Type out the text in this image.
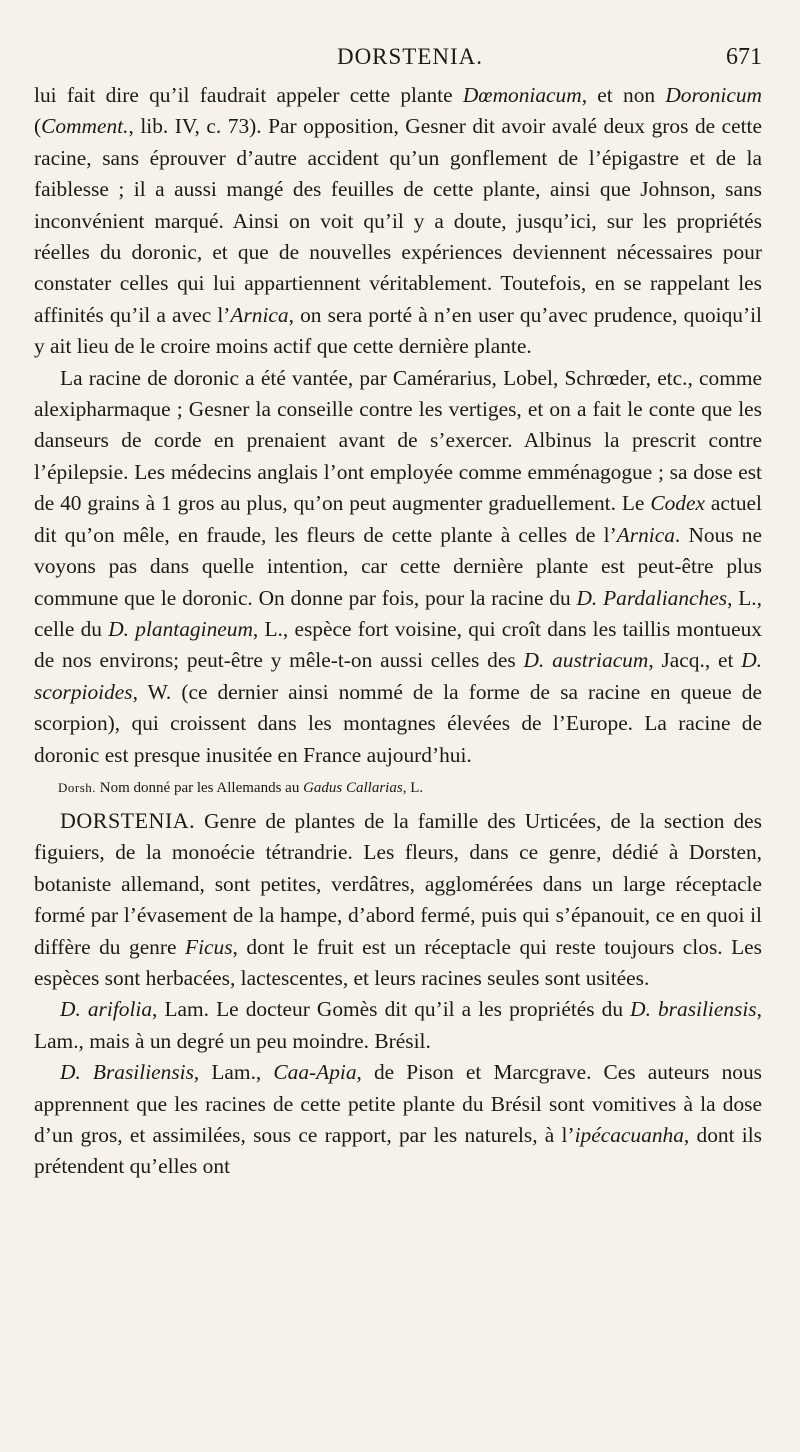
DORSTENIA.	671

lui fait dire qu’il faudrait appeler cette plante Dœmoniacum, et non Doronicum (Comment., lib. IV, c. 73). Par opposition, Gesner dit avoir avalé deux gros de cette racine, sans éprouver d’autre accident qu’un gonflement de l’épigastre et de la faiblesse ; il a aussi mangé des feuilles de cette plante, ainsi que Johnson, sans inconvénient marqué. Ainsi on voit qu’il y a doute, jusqu’ici, sur les propriétés réelles du doronic, et que de nouvelles expériences deviennent nécessaires pour constater celles qui lui appartiennent véritablement. Toutefois, en se rappelant les affinités qu’il a avec l’Arnica, on sera porté à n’en user qu’avec prudence, quoiqu’il y ait lieu de le croire moins actif que cette dernière plante.

La racine de doronic a été vantée, par Camérarius, Lobel, Schrœder, etc., comme alexipharmaque ; Gesner la conseille contre les vertiges, et on a fait le conte que les danseurs de corde en prenaient avant de s’exercer. Albinus la prescrit contre l’épilepsie. Les médecins anglais l’ont employée comme emménagogue ; sa dose est de 40 grains à 1 gros au plus, qu’on peut augmenter graduellement. Le Codex actuel dit qu’on mêle, en fraude, les fleurs de cette plante à celles de l’Arnica. Nous ne voyons pas dans quelle intention, car cette dernière plante est peut-être plus commune que le doronic. On donne par fois, pour la racine du D. Pardalianches, L., celle du D. plantagineum, L., espèce fort voisine, qui croît dans les taillis montueux de nos environs; peut-être y mêle-t-on aussi celles des D. austriacum, Jacq., et D. scorpioides, W. (ce dernier ainsi nommé de la forme de sa racine en queue de scorpion), qui croissent dans les montagnes élevées de l’Europe. La racine de doronic est presque inusitée en France aujourd’hui.

Dorsh. Nom donné par les Allemands au Gadus Callarias, L.

DORSTENIA. Genre de plantes de la famille des Urticées, de la section des figuiers, de la monoécie tétrandrie. Les fleurs, dans ce genre, dédié à Dorsten, botaniste allemand, sont petites, verdâtres, agglomérées dans un large réceptacle formé par l’évasement de la hampe, d’abord fermé, puis qui s’épanouit, ce en quoi il diffère du genre Ficus, dont le fruit est un réceptacle qui reste toujours clos. Les espèces sont herbacées, lactescentes, et leurs racines seules sont usitées.

D. arifolia, Lam. Le docteur Gomès dit qu’il a les propriétés du D. brasiliensis, Lam., mais à un degré un peu moindre. Brésil.

D. Brasiliensis, Lam., Caa-Apia, de Pison et Marcgrave. Ces auteurs nous apprennent que les racines de cette petite plante du Brésil sont vomitives à la dose d’un gros, et assimilées, sous ce rapport, par les naturels, à l’ipécacuanha, dont ils prétendent qu’elles ont
